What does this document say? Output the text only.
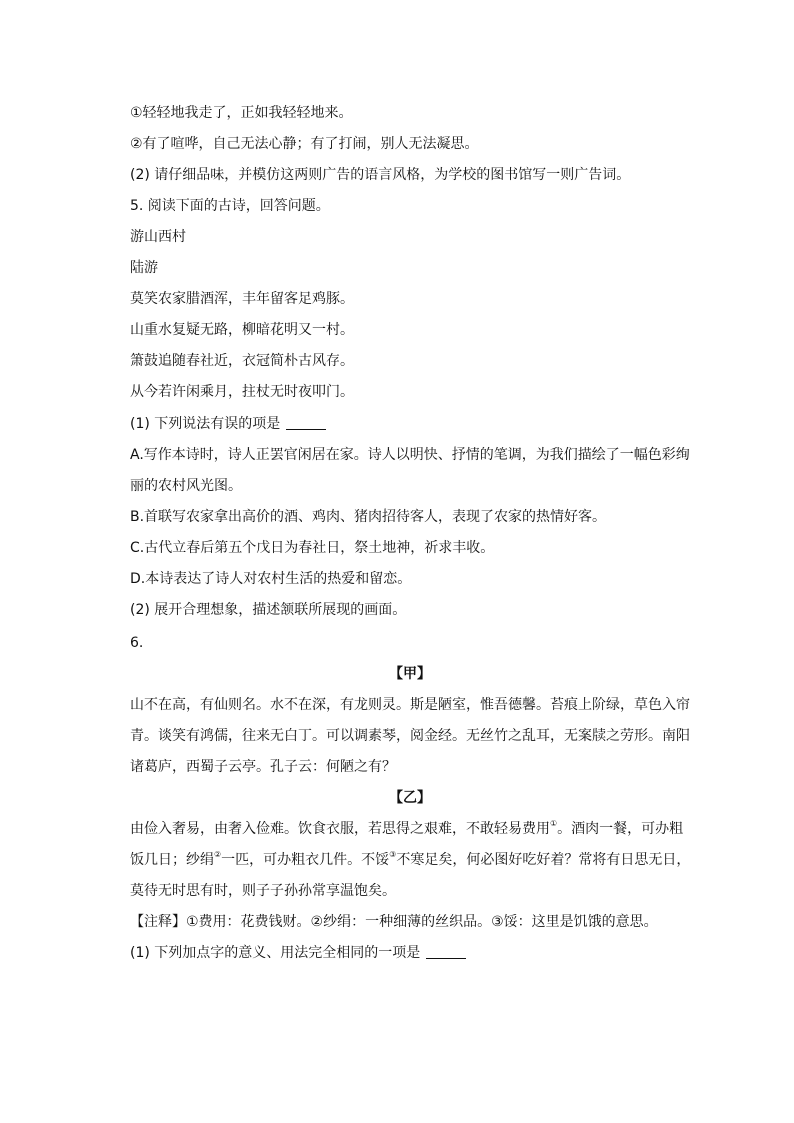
①轻轻地我走了，正如我轻轻地来。
②有了喧哗，自己无法心静；有了打闹，别人无法凝思。
(2) 请仔细品味，并模仿这两则广告的语言风格，为学校的图书馆写一则广告词。
5. 阅读下面的古诗，回答问题。
游山西村
陆游
莫笑农家腊酒浑，丰年留客足鸡豚。
山重水复疑无路，柳暗花明又一村。
箫鼓追随春社近，衣冠简朴古风存。
从今若许闲乘月，拄杖无时夜叩门。
(1) 下列说法有误的项是
A.写作本诗时，诗人正罢官闲居在家。诗人以明快、抒情的笔调，为我们描绘了一幅色彩绚
丽的农村风光图。
B.首联写农家拿出高价的酒、鸡肉、猪肉招待客人，表现了农家的热情好客。
C.古代立春后第五个戊日为春社日，祭土地神，祈求丰收。
D.本诗表达了诗人对农村生活的热爱和留恋。
(2) 展开合理想象，描述颔联所展现的画面。
6.
【甲】
山不在高，有仙则名。水不在深，有龙则灵。斯是陋室，惟吾德馨。苔痕上阶绿，草色入帘
青。谈笑有鸿儒，往来无白丁。可以调素琴，阅金经。无丝竹之乱耳，无案牍之劳形。南阳
诸葛庐，西蜀子云亭。孔子云：何陋之有？
【乙】
由俭入奢易，由奢入俭难。饮食衣服，若思得之艰难，不敢轻易费用①。酒肉一餐，可办粗
饭几日；纱绢②一匹，可办粗衣几件。不馁③不寒足矣，何必图好吃好着？常将有日思无日，
莫待无时思有时，则子子孙孙常享温饱矣。
【注释】①费用：花费钱财。②纱绢：一种细薄的丝织品。③馁：这里是饥饿的意思。
(1) 下列加点字的意义、用法完全相同的一项是
